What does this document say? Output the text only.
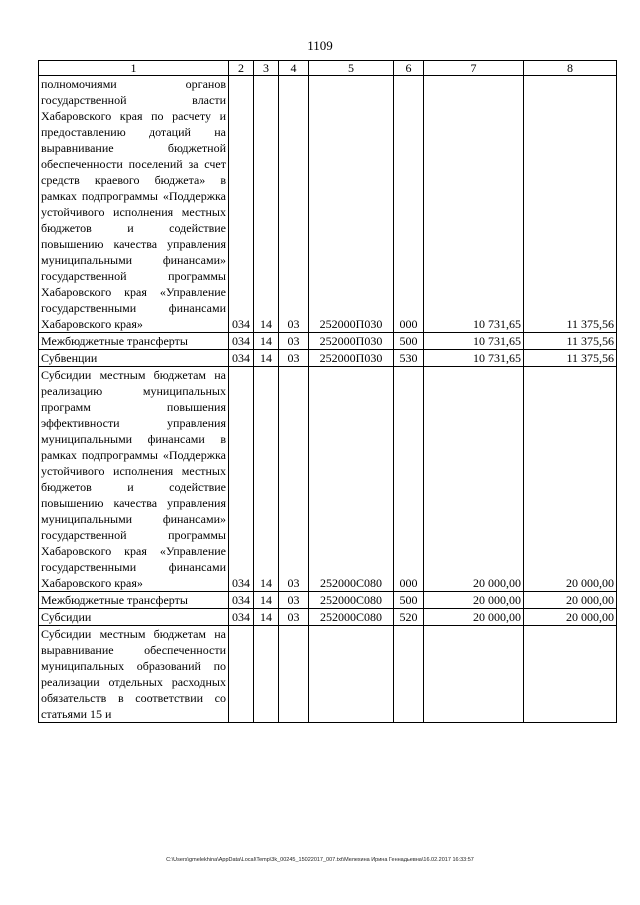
1109
1	2	3	4	5	6	7	8
полномочиями органов государственной власти Хабаровского края по расчету и предоставлению дотаций на выравнивание бюджетной обеспеченности поселений за счет средств краевого бюджета» в рамках подпрограммы «Поддержка устойчивого исполнения местных бюджетов и содействие повышению качества управления муниципальными финансами» государственной программы Хабаровского края «Управление государственными финансами Хабаровского края»	034	14	03	252000П030	000	10 731,65	11 375,56
Межбюджетные трансферты	034	14	03	252000П030	500	10 731,65	11 375,56
Субвенции	034	14	03	252000П030	530	10 731,65	11 375,56
Субсидии местным бюджетам на реализацию муниципальных программ повышения эффективности управления муниципальными финансами в рамках подпрограммы «Поддержка устойчивого исполнения местных бюджетов и содействие повышению качества управления муниципальными финансами» государственной программы Хабаровского края «Управление государственными финансами Хабаровского края»	034	14	03	252000С080	000	20 000,00	20 000,00
Межбюджетные трансферты	034	14	03	252000С080	500	20 000,00	20 000,00
Субсидии	034	14	03	252000С080	520	20 000,00	20 000,00
Субсидии местным бюджетам на выравнивание обеспеченности муниципальных образований по реализации отдельных расходных обязательств в соответствии со статьями 15 и							
C:\Users\gmelekhina\AppData\Local\Temp\3k_00245_15022017_007.txt\Мелехина Ирина Геннадьевна\16.02.2017 16:33:57
